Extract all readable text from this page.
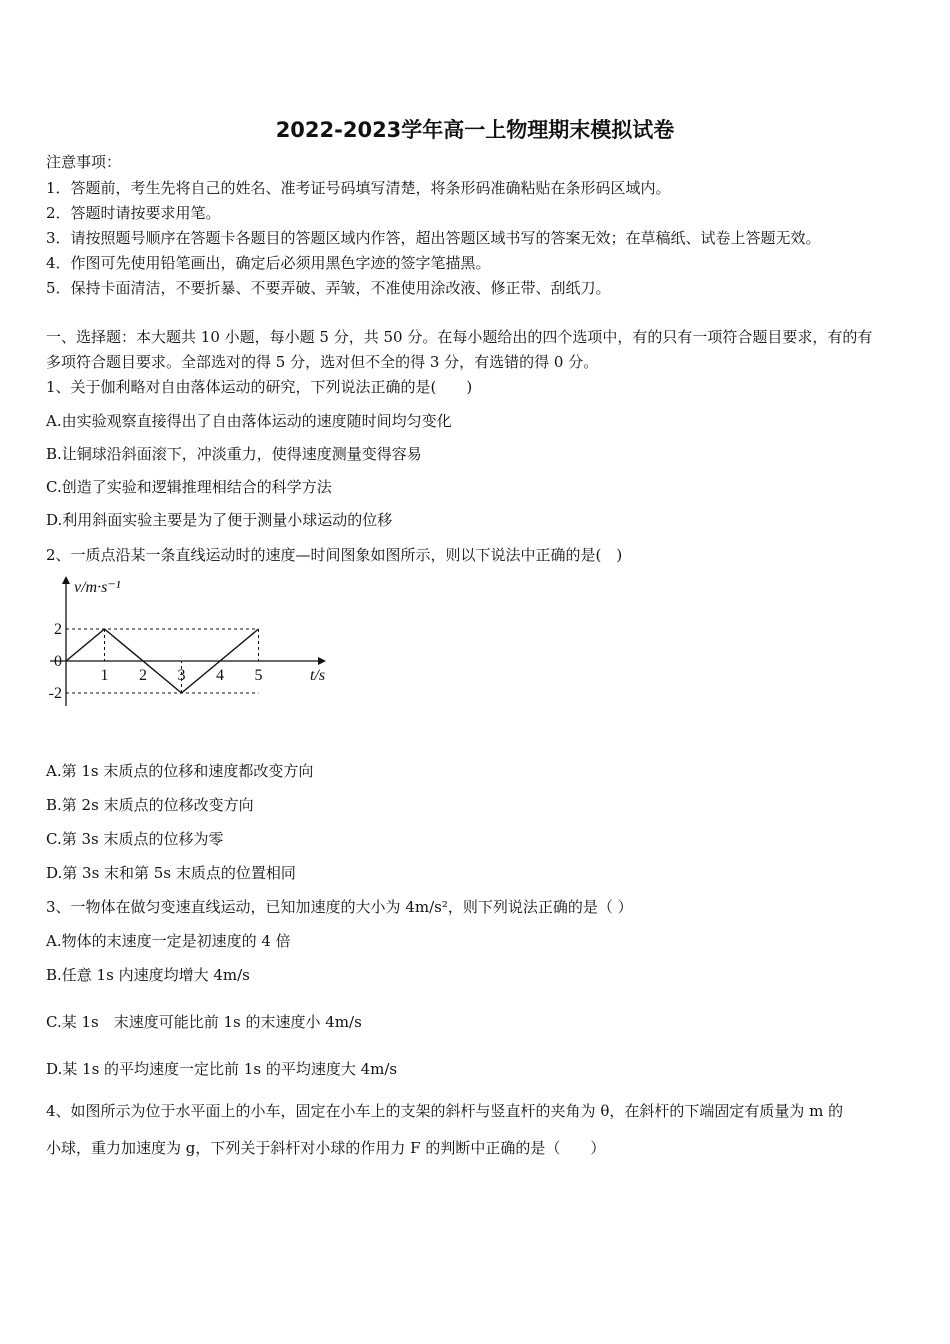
2022-2023学年高一上物理期末模拟试卷
注意事项：
1．答题前，考生先将自己的姓名、准考证号码填写清楚，将条形码准确粘贴在条形码区域内。
2．答题时请按要求用笔。
3．请按照题号顺序在答题卡各题目的答题区域内作答，超出答题区域书写的答案无效；在草稿纸、试卷上答题无效。
4．作图可先使用铅笔画出，确定后必须用黑色字迹的签字笔描黑。
5．保持卡面清洁，不要折暴、不要弄破、弄皱，不准使用涂改液、修正带、刮纸刀。
一、选择题：本大题共 10 小题，每小题 5 分，共 50 分。在每小题给出的四个选项中，有的只有一项符合题目要求，有的有
多项符合题目要求。全部选对的得 5 分，选对但不全的得 3 分，有选错的得 0 分。
1、关于伽利略对自由落体运动的研究，下列说法正确的是(　　)
A.由实验观察直接得出了自由落体运动的速度随时间均匀变化
B.让铜球沿斜面滚下，冲淡重力，使得速度测量变得容易
C.创造了实验和逻辑推理相结合的科学方法
D.利用斜面实验主要是为了便于测量小球运动的位移
2、一质点沿某一条直线运动时的速度—时间图象如图所示，则以下说法中正确的是(　)
1 2 3 4 5
2
0
-2
t/s
v/m·s⁻¹
A.第 1s 末质点的位移和速度都改变方向
B.第 2s 末质点的位移改变方向
C.第 3s 末质点的位移为零
D.第 3s 末和第 5s 末质点的位置相同
3、一物体在做匀变速直线运动，已知加速度的大小为 4m/s²，则下列说法正确的是（ ）
A.物体的末速度一定是初速度的 4 倍
B.任意 1s 内速度均增大 4m/s
C.某 1s　末速度可能比前 1s 的末速度小 4m/s
D.某 1s 的平均速度一定比前 1s 的平均速度大 4m/s
4、如图所示为位于水平面上的小车，固定在小车上的支架的斜杆与竖直杆的夹角为 θ，在斜杆的下端固定有质量为 m 的
小球，重力加速度为 g，下列关于斜杆对小球的作用力 F 的判断中正确的是（　　）
